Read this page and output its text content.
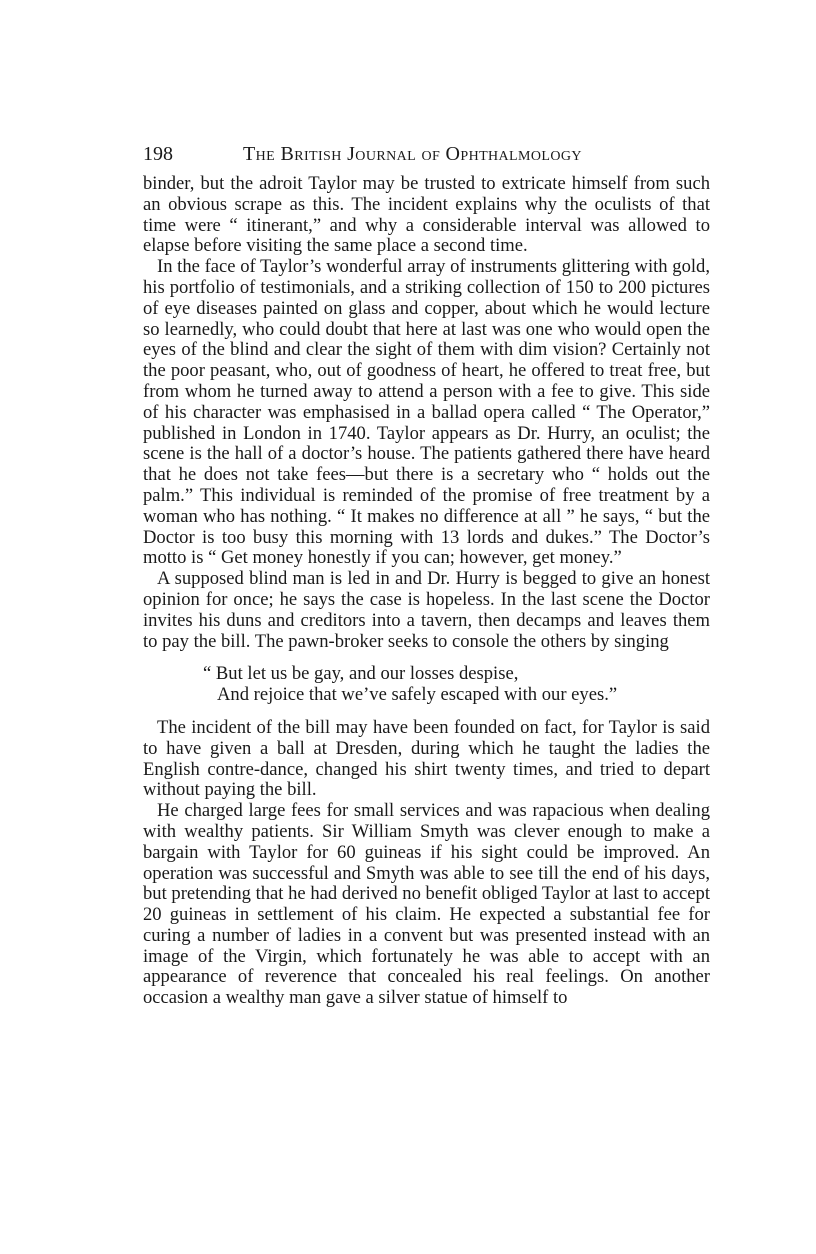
198	The British Journal of Ophthalmology

binder, but the adroit Taylor may be trusted to extricate himself from such an obvious scrape as this. The incident explains why the oculists of that time were “ itinerant,” and why a considerable interval was allowed to elapse before visiting the same place a second time.

In the face of Taylor’s wonderful array of instruments glittering with gold, his portfolio of testimonials, and a striking collection of 150 to 200 pictures of eye diseases painted on glass and copper, about which he would lecture so learnedly, who could doubt that here at last was one who would open the eyes of the blind and clear the sight of them with dim vision? Certainly not the poor peasant, who, out of goodness of heart, he offered to treat free, but from whom he turned away to attend a person with a fee to give. This side of his character was emphasised in a ballad opera called “ The Operator,” published in London in 1740. Taylor appears as Dr. Hurry, an oculist; the scene is the hall of a doctor’s house. The patients gathered there have heard that he does not take fees—but there is a secretary who “ holds out the palm.” This individual is reminded of the promise of free treatment by a woman who has nothing. “ It makes no difference at all ” he says, “ but the Doctor is too busy this morning with 13 lords and dukes.” The Doctor’s motto is “ Get money honestly if you can; however, get money.”

A supposed blind man is led in and Dr. Hurry is begged to give an honest opinion for once; he says the case is hopeless. In the last scene the Doctor invites his duns and creditors into a tavern, then decamps and leaves them to pay the bill. The pawn-broker seeks to console the others by singing

“ But let us be gay, and our losses despise,
And rejoice that we’ve safely escaped with our eyes.”

The incident of the bill may have been founded on fact, for Taylor is said to have given a ball at Dresden, during which he taught the ladies the English contre-dance, changed his shirt twenty times, and tried to depart without paying the bill.

He charged large fees for small services and was rapacious when dealing with wealthy patients. Sir William Smyth was clever enough to make a bargain with Taylor for 60 guineas if his sight could be improved. An operation was successful and Smyth was able to see till the end of his days, but pretending that he had derived no benefit obliged Taylor at last to accept 20 guineas in settlement of his claim. He expected a substantial fee for curing a number of ladies in a convent but was presented instead with an image of the Virgin, which fortunately he was able to accept with an appearance of reverence that concealed his real feelings. On another occasion a wealthy man gave a silver statue of himself to
